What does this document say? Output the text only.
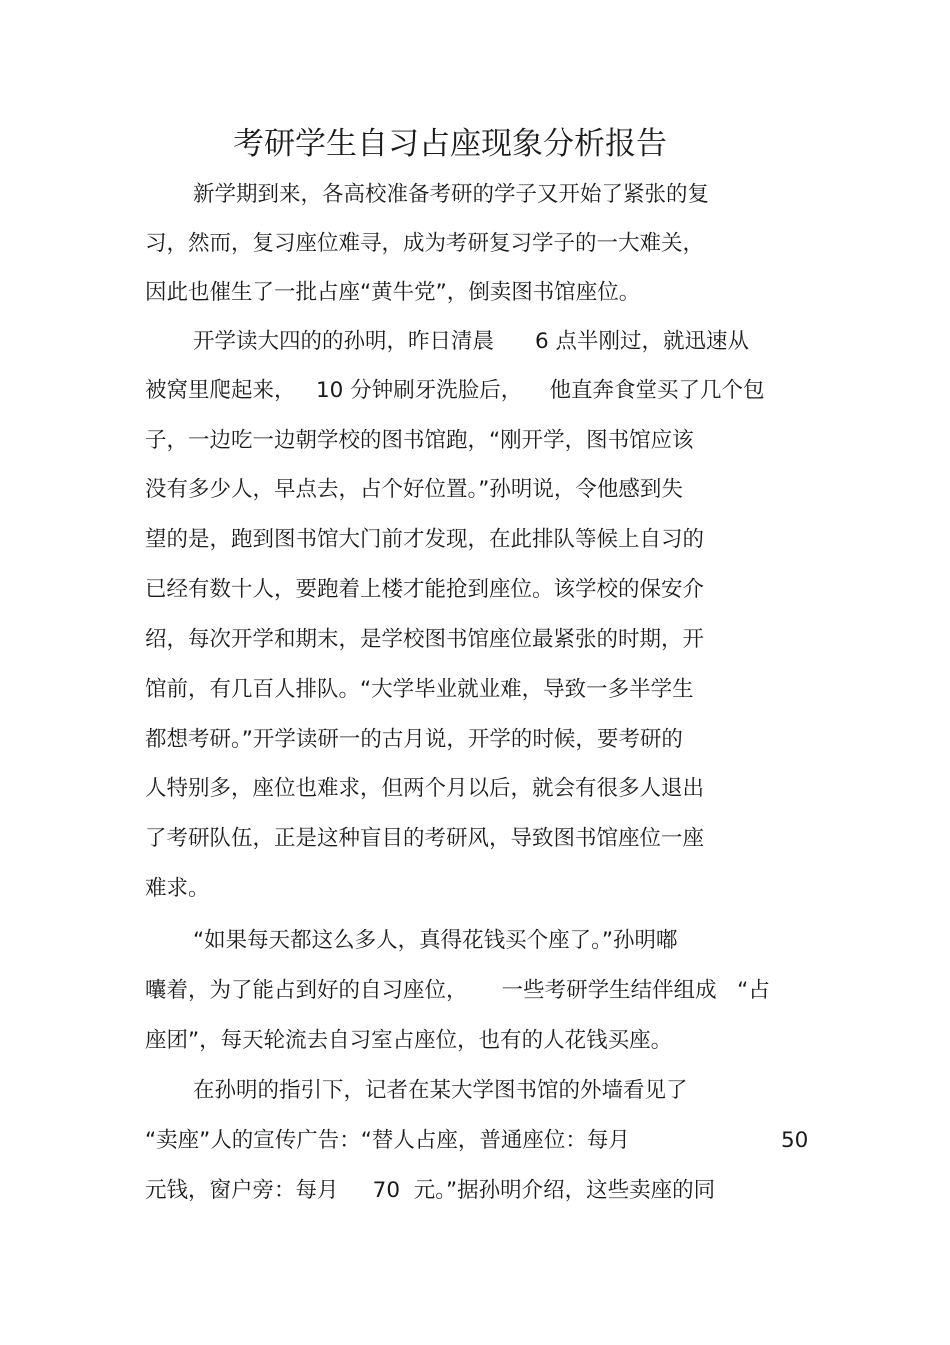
考研学生自习占座现象分析报告
新学期到来，各高校准备考研的学子又开始了紧张的复
习，然而，复习座位难寻，成为考研复习学子的一大难关，
因此也催生了一批占座“黄牛党”，倒卖图书馆座位。
开学读大四的的孙明，昨日清晨      6 点半刚过，就迅速从
被窝里爬起来，   10 分钟刷牙洗脸后，    他直奔食堂买了几个包
子，一边吃一边朝学校的图书馆跑，“刚开学，图书馆应该
没有多少人，早点去，占个好位置。”孙明说，令他感到失
望的是，跑到图书馆大门前才发现，在此排队等候上自习的
已经有数十人，要跑着上楼才能抢到座位。该学校的保安介
绍，每次开学和期末，是学校图书馆座位最紧张的时期，开
馆前，有几百人排队。“大学毕业就业难，导致一多半学生
都想考研。”开学读研一的古月说，开学的时候，要考研的
人特别多，座位也难求，但两个月以后，就会有很多人退出
了考研队伍，正是这种盲目的考研风，导致图书馆座位一座
难求。
“如果每天都这么多人，真得花钱买个座了。”孙明嘟
囔着，为了能占到好的自习座位，     一些考研学生结伴组成   “占
座团”，每天轮流去自习室占座位，也有的人花钱买座。
在孙明的指引下，记者在某大学图书馆的外墙看见了
“卖座”人的宣传广告：“替人占座，普通座位：每月	50
元钱，窗户旁：每月     70  元。”据孙明介绍，这些卖座的同
